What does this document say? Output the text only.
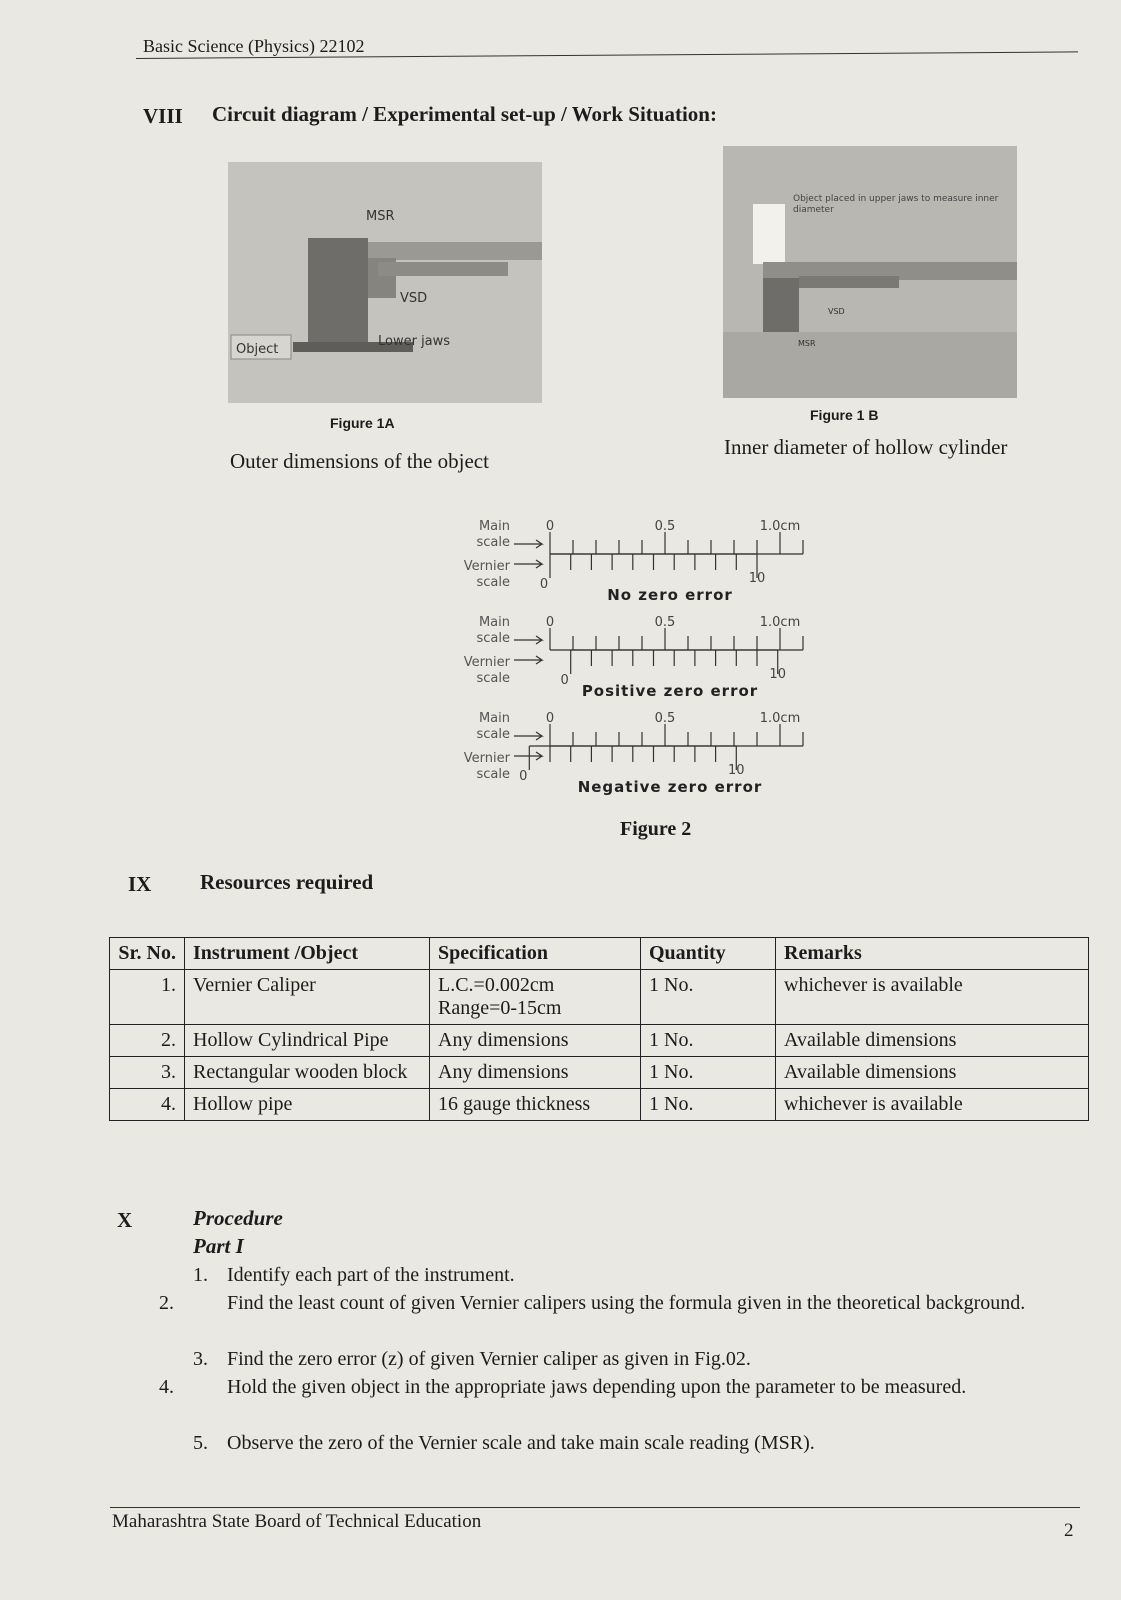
Basic Science (Physics) 22102
VIII Circuit diagram / Experimental set-up / Work Situation:
MSR
VSD
Lower jaws
Object
Figure 1A
Outer dimensions of the object
Object placed in upper jaws to measure inner diameter
VSD
MSR
Figure 1 B
Inner diameter of hollow cylinder
Main
scale
Vernier
scale
0	0.5	1.0cm
0	10
No zero error
Main
scale
Vernier
scale
0	0.5	1.0cm
0	10
Positive zero error
Main
scale
Vernier
scale
0	0.5	1.0cm
0	10
Negative zero error
Figure 2
IX Resources required
Sr. No.	Instrument /Object	Specification	Quantity	Remarks
1.	Vernier Caliper	L.C.=0.002cm Range=0-15cm	1 No.	whichever is available
2.	Hollow Cylindrical Pipe	Any dimensions	1 No.	Available dimensions
3.	Rectangular wooden block	Any dimensions	1 No.	Available dimensions
4.	Hollow pipe	16 gauge thickness	1 No.	whichever is available
X	Procedure
Part I
1. Identify each part of the instrument.
2.	Find the least count of given Vernier calipers using the formula given in the theoretical background.
3. Find the zero error (z) of given Vernier caliper as given in Fig.02.
4.	Hold the given object in the appropriate jaws depending upon the parameter to be measured.
5. Observe the zero of the Vernier scale and take main scale reading (MSR).
Maharashtra State Board of Technical Education	2
